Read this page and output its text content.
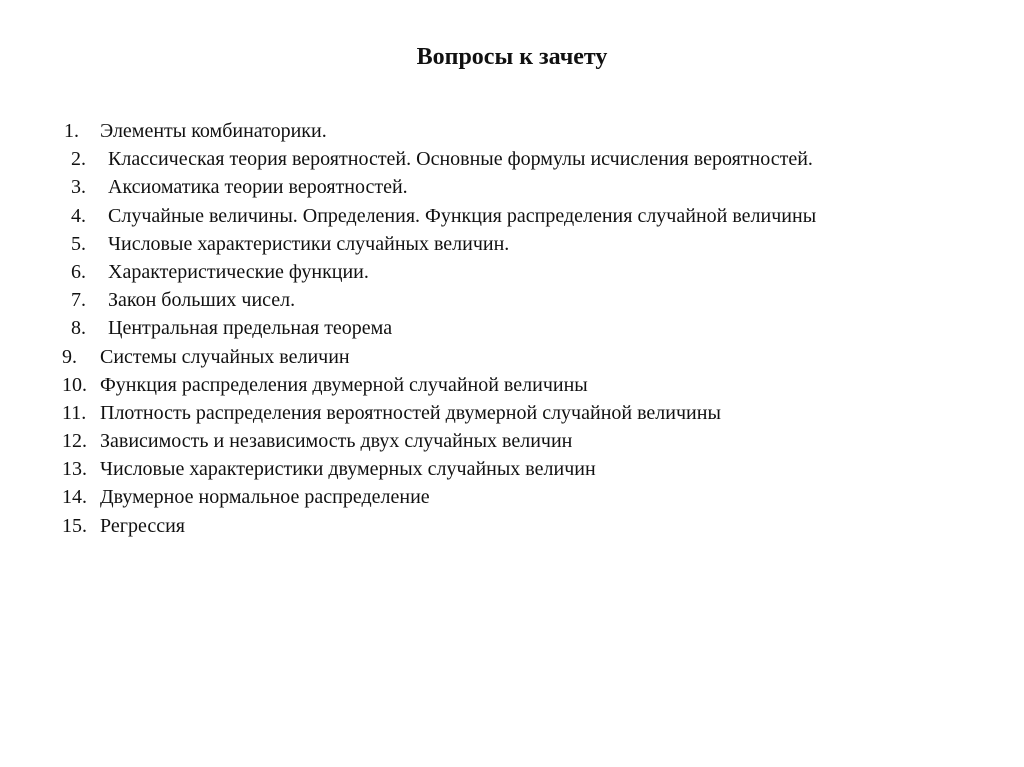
Вопросы к зачету
1. Элементы комбинаторики.
2. Классическая теория вероятностей. Основные формулы исчисления вероятностей.
3. Аксиоматика теории вероятностей.
4. Случайные величины. Определения. Функция распределения случайной величины
5. Числовые характеристики случайных величин.
6. Характеристические функции.
7. Закон больших чисел.
8. Центральная предельная теорема
9. Системы случайных величин
10. Функция распределения двумерной случайной величины
11. Плотность распределения вероятностей двумерной случайной величины
12. Зависимость и независимость двух случайных величин
13. Числовые характеристики двумерных случайных величин
14. Двумерное нормальное распределение
15. Регрессия
